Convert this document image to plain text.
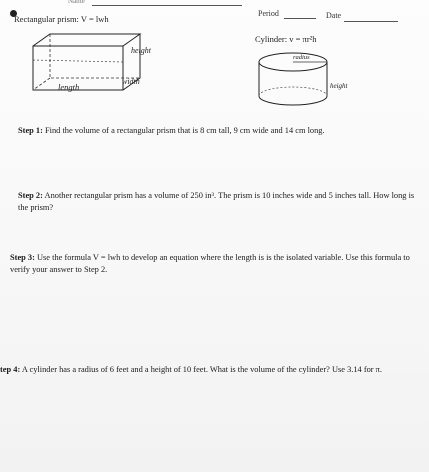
Name
Period	Date
Rectangular prism: V = lwh
Cylinder: v = πr²h
height
width
length
radius
height
Step 1: Find the volume of a rectangular prism that is 8 cm tall, 9 cm wide and 14 cm long.
Step 2: Another rectangular prism has a volume of 250 in³. The prism is 10 inches wide and 5 inches tall. How long is the prism?
Step 3: Use the formula V = lwh to develop an equation where the length is is the isolated variable. Use this formula to verify your answer to Step 2.
tep 4: A cylinder has a radius of 6 feet and a height of 10 feet. What is the volume of the cylinder? Use 3.14 for π.
